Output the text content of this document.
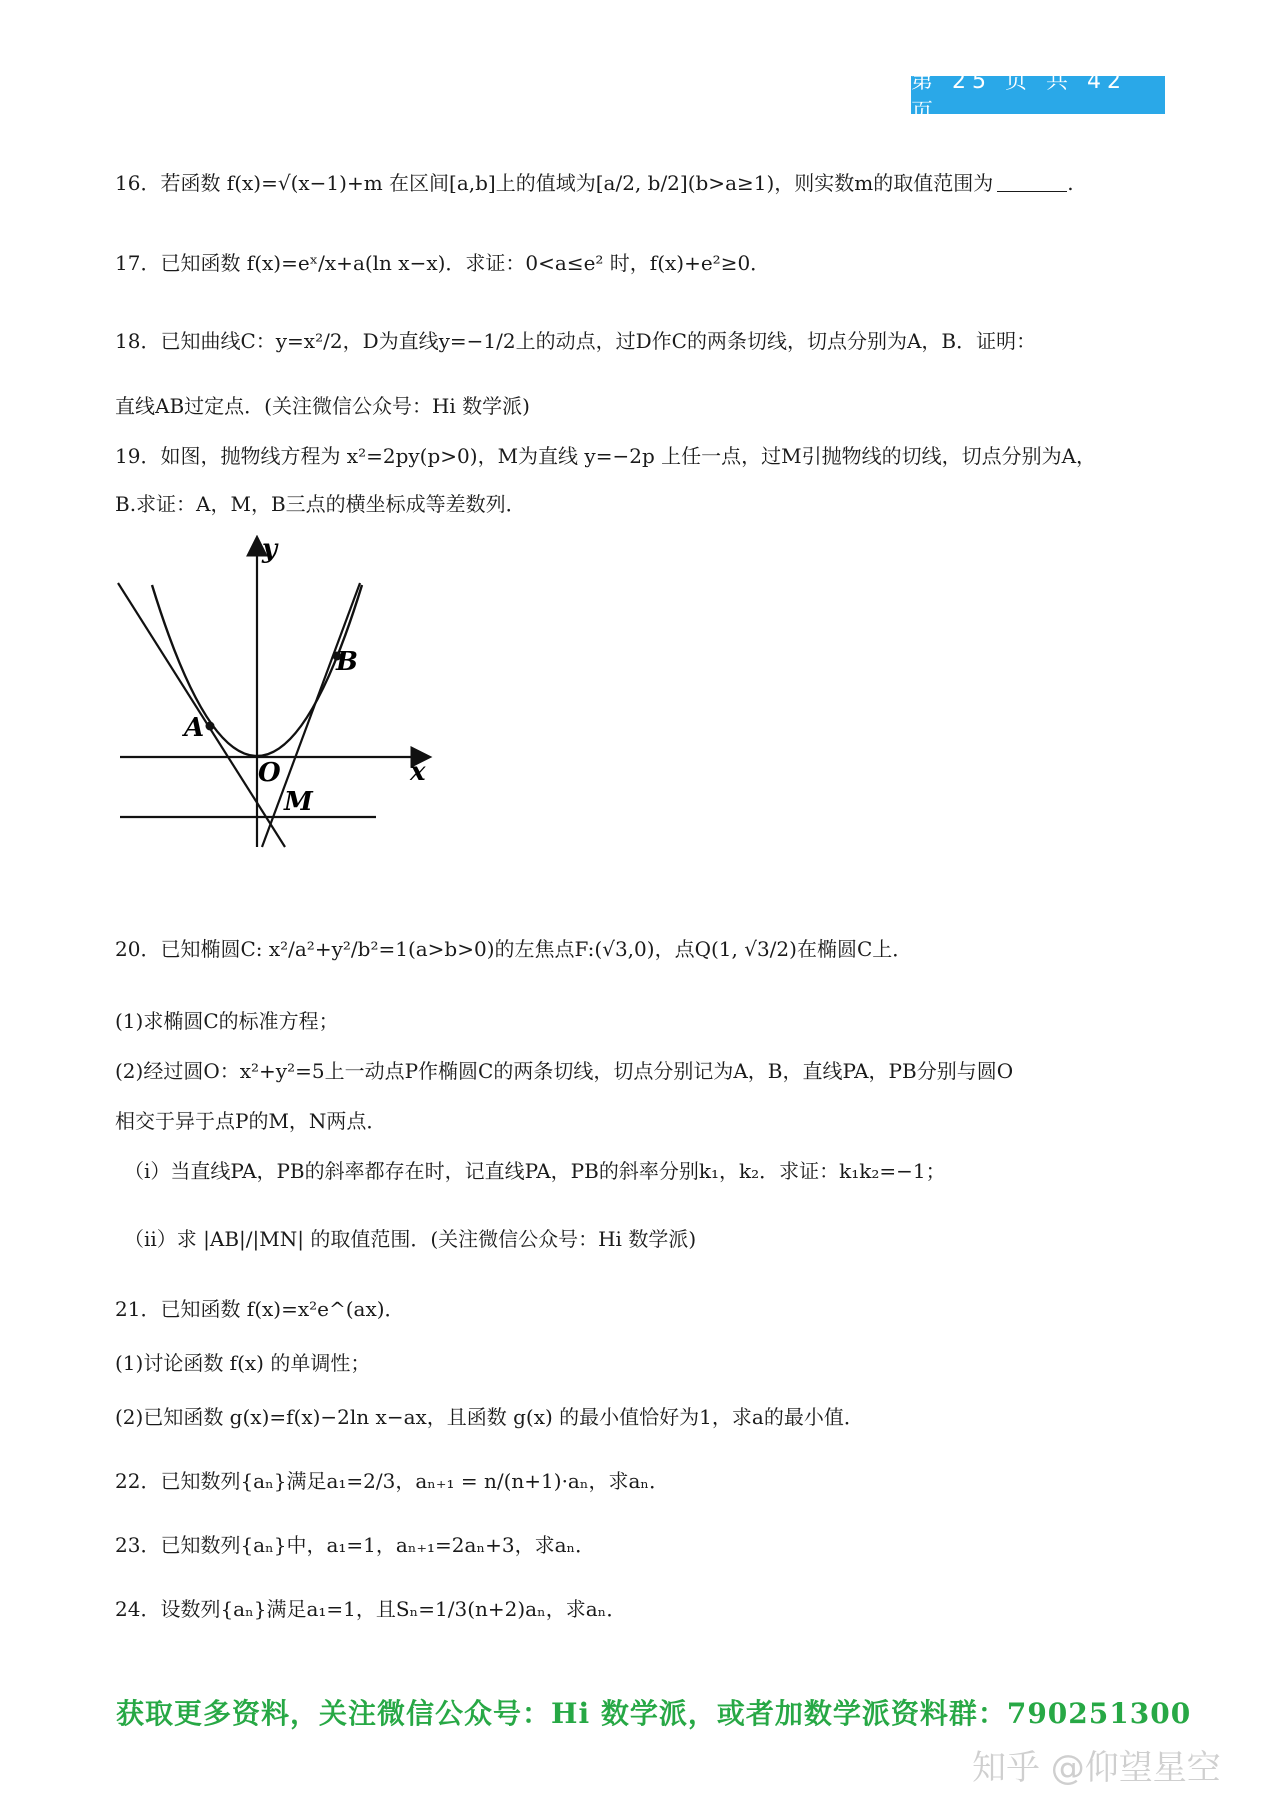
第 25 页 共 42 页
16．若函数 f(x)=√(x−1)+m 在区间[a,b]上的值域为[a/2, b/2](b>a≥1)，则实数m的取值范围为	.
17．已知函数 f(x)=eˣ/x+a(ln x−x)．求证：0<a≤e² 时，f(x)+e²≥0．
18．已知曲线C：y=x²/2，D为直线y=−1/2上的动点，过D作C的两条切线，切点分别为A，B．证明：
直线AB过定点．(关注微信公众号：Hi 数学派)
19．如图，抛物线方程为 x²=2py(p>0)，M为直线 y=−2p 上任一点，过M引抛物线的切线，切点分别为A，
B.求证：A，M，B三点的横坐标成等差数列．
y
x
A
B
O
M
20．已知椭圆C: x²/a²+y²/b²=1(a>b>0)的左焦点F:(√3,0)，点Q(1, √3/2)在椭圆C上．
(1)求椭圆C的标准方程；
(2)经过圆O：x²+y²=5上一动点P作椭圆C的两条切线，切点分别记为A，B，直线PA，PB分别与圆O
相交于异于点P的M，N两点．
（ⅰ）当直线PA，PB的斜率都存在时，记直线PA，PB的斜率分别k₁，k₂．求证：k₁k₂=−1；
（ⅱ）求 |AB|/|MN| 的取值范围．(关注微信公众号：Hi 数学派)
21．已知函数 f(x)=x²e^(ax)．
(1)讨论函数 f(x) 的单调性；
(2)已知函数 g(x)=f(x)−2ln x−ax，且函数 g(x) 的最小值恰好为1，求a的最小值．
22．已知数列{aₙ}满足a₁=2/3，aₙ₊₁ = n/(n+1)·aₙ，求aₙ．
23．已知数列{aₙ}中，a₁=1，aₙ₊₁=2aₙ+3，求aₙ．
24．设数列{aₙ}满足a₁=1，且Sₙ=1/3(n+2)aₙ，求aₙ．
获取更多资料，关注微信公众号：Hi 数学派，或者加数学派资料群：790251300
知乎 @仰望星空
